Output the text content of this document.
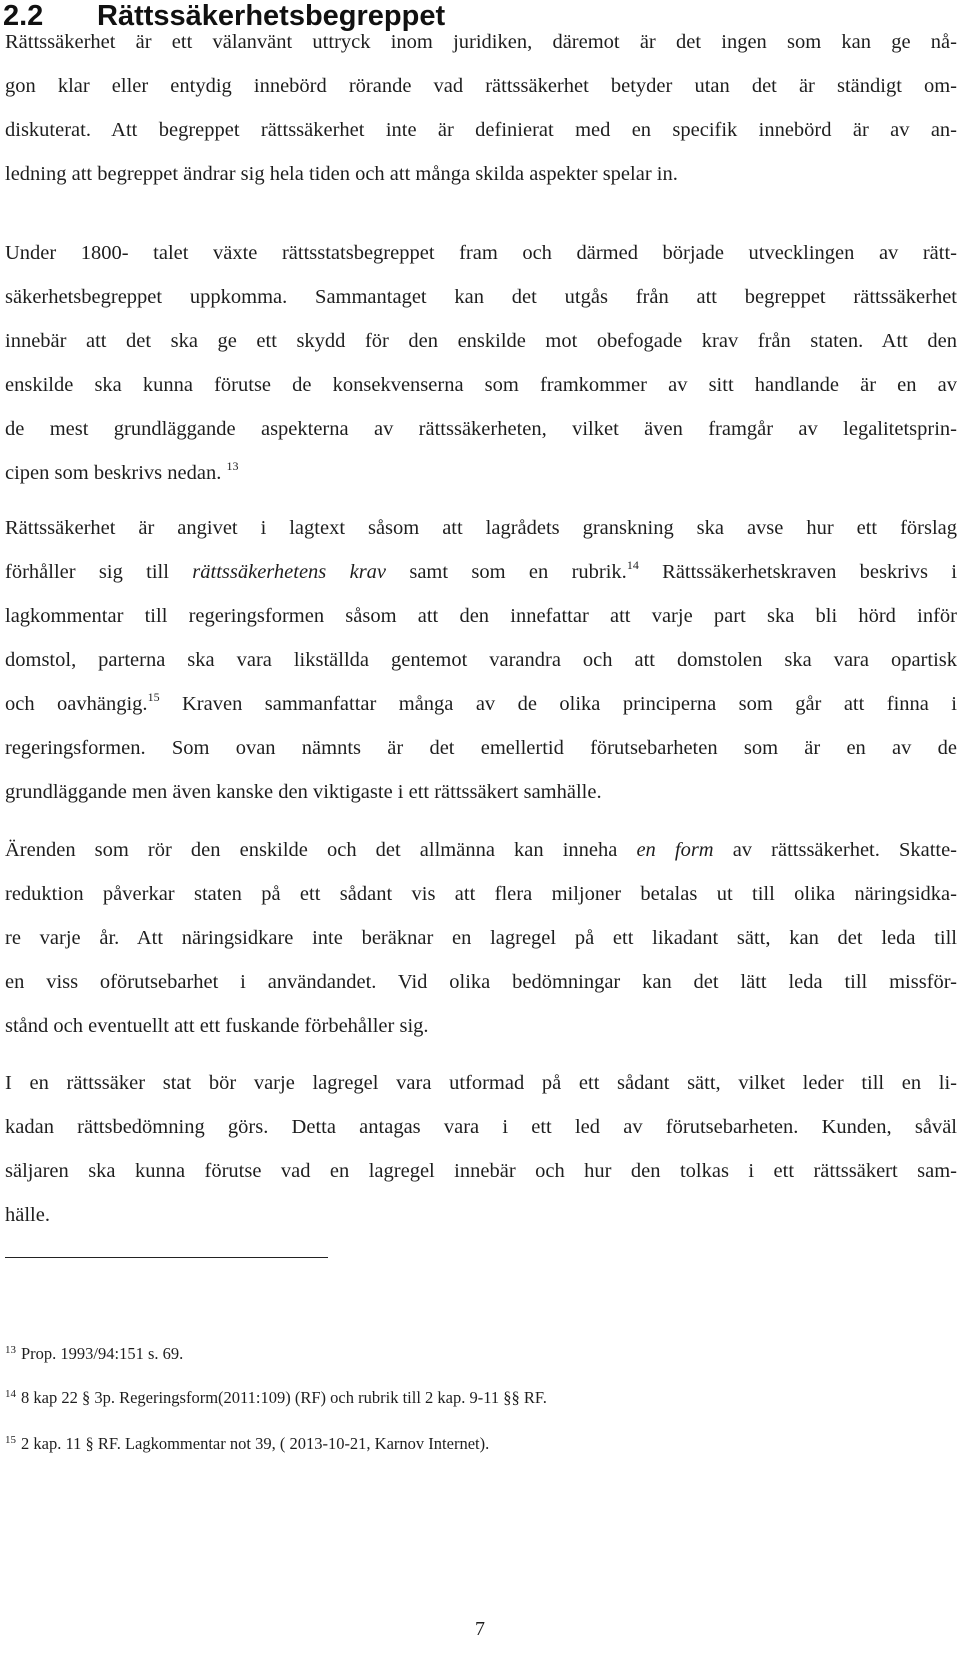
2.2 Rättssäkerhetsbegreppet
Rättssäkerhet är ett välanvänt uttryck inom juridiken, däremot är det ingen som kan ge nå-
gon klar eller entydig innebörd rörande vad rättssäkerhet betyder utan det är ständigt om-
diskuterat. Att begreppet rättssäkerhet inte är definierat med en specifik innebörd är av an-
ledning att begreppet ändrar sig hela tiden och att många skilda aspekter spelar in.
Under 1800- talet växte rättsstatsbegreppet fram och därmed började utvecklingen av rätt-
säkerhetsbegreppet uppkomma. Sammantaget kan det utgås från att begreppet rättssäkerhet
innebär att det ska ge ett skydd för den enskilde mot obefogade krav från staten. Att den
enskilde ska kunna förutse de konsekvenserna som framkommer av sitt handlande är en av
de mest grundläggande aspekterna av rättssäkerheten, vilket även framgår av legalitetsprin-
cipen som beskrivs nedan. $^{13}$
Rättssäkerhet är angivet i lagtext såsom att lagrådets granskning ska avse hur ett förslag
förhåller sig till rättssäkerhetens krav samt som en rubrik.$^{14}$ Rättssäkerhetskraven beskrivs i
lagkommentar till regeringsformen såsom att den innefattar att varje part ska bli hörd inför
domstol, parterna ska vara likställda gentemot varandra och att domstolen ska vara opartisk
och oavhängig.$^{15}$ Kraven sammanfattar många av de olika principerna som går att finna i
regeringsformen. Som ovan nämnts är det emellertid förutsebarheten som är en av de
grundläggande men även kanske den viktigaste i ett rättssäkert samhälle.
Ärenden som rör den enskilde och det allmänna kan inneha en form av rättssäkerhet. Skatte-
reduktion påverkar staten på ett sådant vis att flera miljoner betalas ut till olika näringsidka-
re varje år. Att näringsidkare inte beräknar en lagregel på ett likadant sätt, kan det leda till
en viss oförutsebarhet i användandet. Vid olika bedömningar kan det lätt leda till missför-
stånd och eventuellt att ett fuskande förbehåller sig.
I en rättssäker stat bör varje lagregel vara utformad på ett sådant sätt, vilket leder till en li-
kadan rättsbedömning görs. Detta antagas vara i ett led av förutsebarheten. Kunden, såväl
säljaren ska kunna förutse vad en lagregel innebär och hur den tolkas i ett rättssäkert sam-
hälle.
$^{13}$ Prop. 1993/94:151 s. 69.
$^{14}$ 8 kap 22 § 3p. Regeringsform(2011:109) (RF) och rubrik till 2 kap. 9-11 §§ RF.
$^{15}$ 2 kap. 11 § RF. Lagkommentar not 39, ( 2013-10-21, Karnov Internet).
7
